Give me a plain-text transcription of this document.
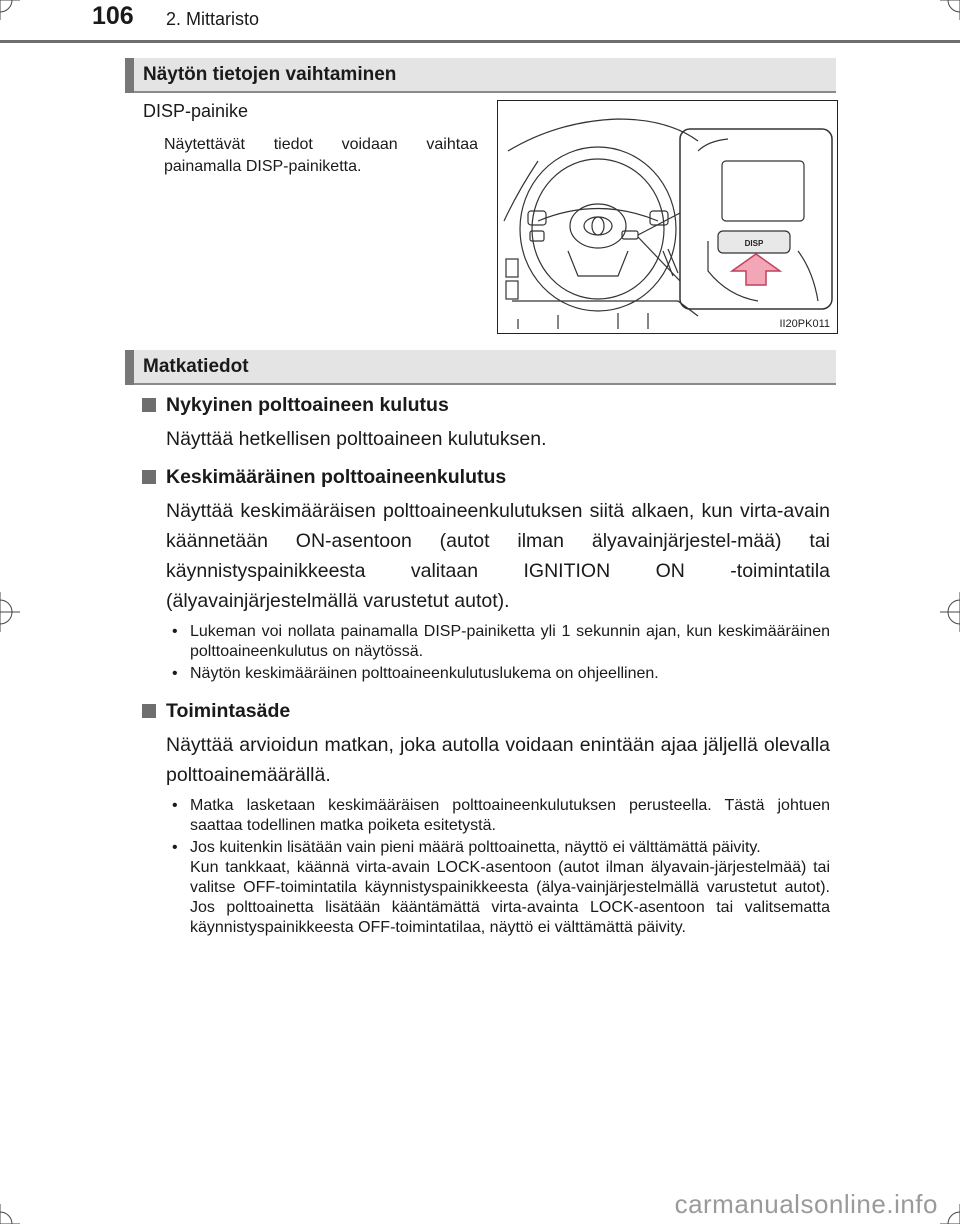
106 2. Mittaristo
Näytön tietojen vaihtaminen
DISP-painike
Näytettävät tiedot voidaan vaihtaa painamalla DISP-painiketta.
DISP
II20PK011
Matkatiedot
Nykyinen polttoaineen kulutus
Näyttää hetkellisen polttoaineen kulutuksen.
Keskimääräinen polttoaineenkulutus
Näyttää keskimääräisen polttoaineenkulutuksen siitä alkaen, kun virta-avain käännetään ON-asentoon (autot ilman älyavainjärjestel-mää) tai käynnistyspainikkeesta valitaan IGNITION ON -toimintatila (älyavainjärjestelmällä varustetut autot).
• Lukeman voi nollata painamalla DISP-painiketta yli 1 sekunnin ajan, kun keskimääräinen polttoaineenkulutus on näytössä.
• Näytön keskimääräinen polttoaineenkulutuslukema on ohjeellinen.
Toimintasäde
Näyttää arvioidun matkan, joka autolla voidaan enintään ajaa jäljellä olevalla polttoainemäärällä.
• Matka lasketaan keskimääräisen polttoaineenkulutuksen perusteella. Tästä johtuen saattaa todellinen matka poiketa esitetystä.
• Jos kuitenkin lisätään vain pieni määrä polttoainetta, näyttö ei välttämättä päivity.
Kun tankkaat, käännä virta-avain LOCK-asentoon (autot ilman älyavain-järjestelmää) tai valitse OFF-toimintatila käynnistyspainikkeesta (älya-vainjärjestelmällä varustetut autot). Jos polttoainetta lisätään kääntämättä virta-avainta LOCK-asentoon tai valitsematta käynnistyspainikkeesta OFF-toimintatilaa, näyttö ei välttämättä päivity.
carmanualsonline.info
